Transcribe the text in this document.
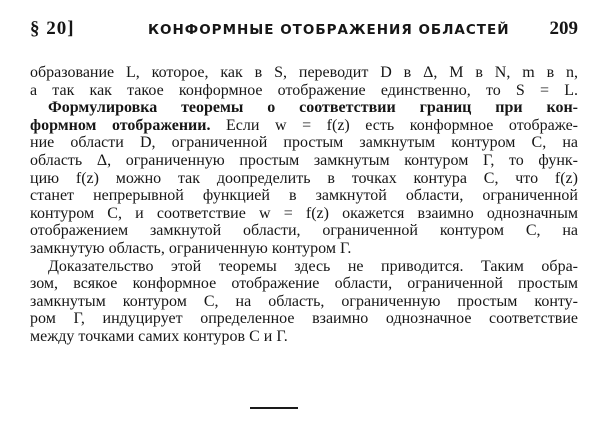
§ 20]	КОНФОРМНЫЕ ОТОБРАЖЕНИЯ ОБЛАСТЕЙ 209
образование L, которое, как в S, переводит D в Δ, M в N, m в n,
а так как такое конформное отображение единственно, то S = L.
Формулировка теоремы о соответствии границ при кон-
формном отображении. Если w = f(z) есть конформное отображе-
ние области D, ограниченной простым замкнутым контуром C, на
область Δ, ограниченную простым замкнутым контуром Г, то функ-
цию f(z) можно так доопределить в точках контура C, что f(z)
станет непрерывной функцией в замкнутой области, ограниченной
контуром C, и соответствие w = f(z) окажется взаимно однозначным
отображением замкнутой области, ограниченной контуром C, на
замкнутую область, ограниченную контуром Г.
Доказательство этой теоремы здесь не приводится. Таким обра-
зом, всякое конформное отображение области, ограниченной простым
замкнутым контуром C, на область, ограниченную простым конту-
ром Г, индуцирует определенное взаимно однозначное соответствие
между точками самих контуров C и Г.
